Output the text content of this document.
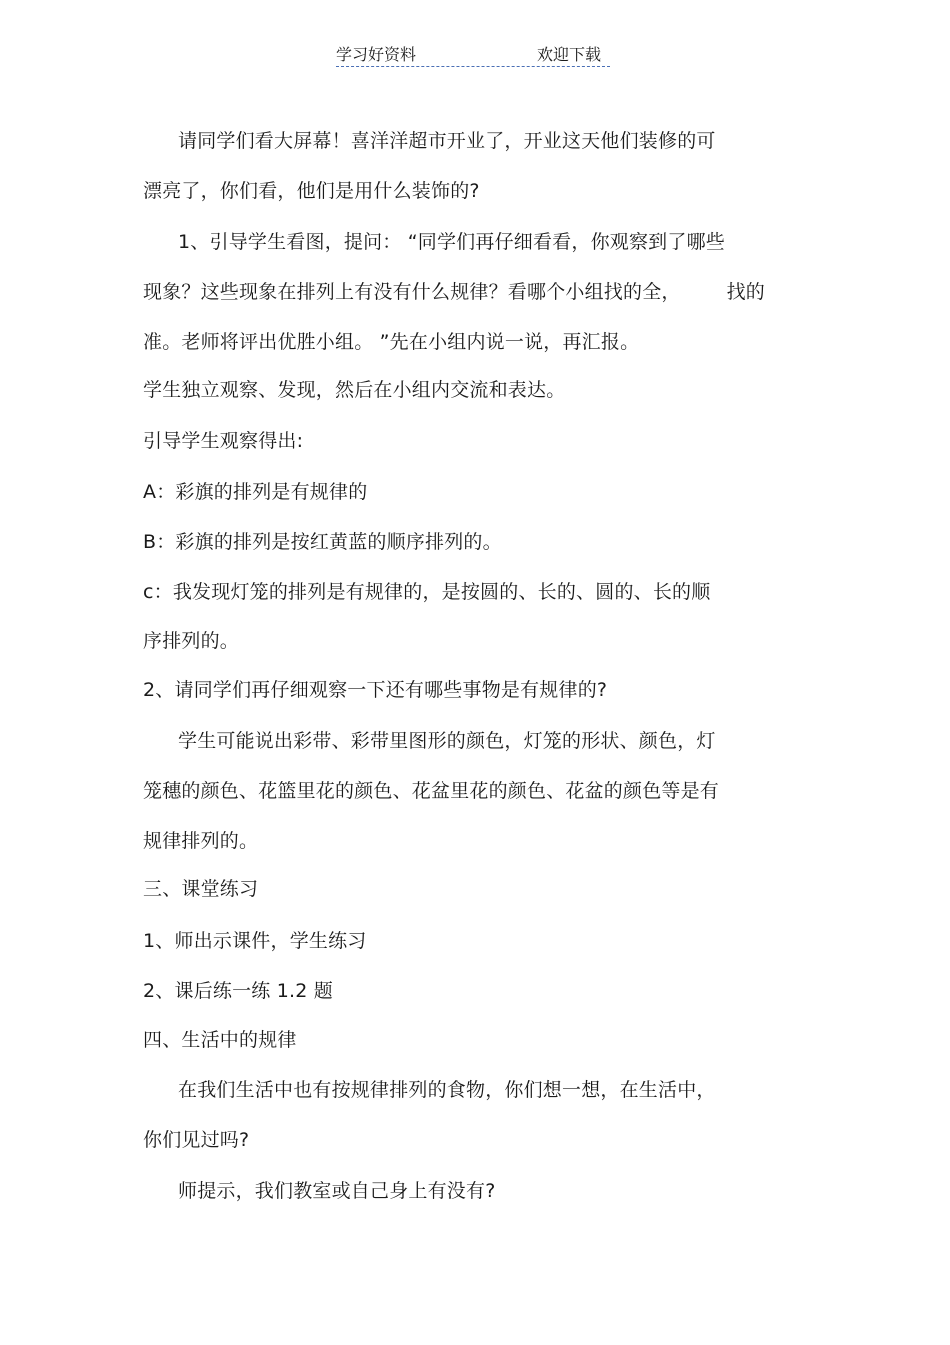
学习好资料	欢迎下载
请同学们看大屏幕！喜洋洋超市开业了，开业这天他们装修的可
漂亮了，你们看，他们是用什么装饰的?
1、引导学生看图，提问： “同学们再仔细看看，你观察到了哪些
现象？这些现象在排列上有没有什么规律？看哪个小组找的全， 找的
准。老师将评出优胜小组。 ”先在小组内说一说，再汇报。
学生独立观察、发现，然后在小组内交流和表达。
引导学生观察得出:
A：彩旗的排列是有规律的
B：彩旗的排列是按红黄蓝的顺序排列的。
c：我发现灯笼的排列是有规律的，是按圆的、长的、圆的、长的顺
序排列的。
2、请同学们再仔细观察一下还有哪些事物是有规律的?
学生可能说出彩带、彩带里图形的颜色，灯笼的形状、颜色，灯
笼穗的颜色、花篮里花的颜色、花盆里花的颜色、花盆的颜色等是有
规律排列的。
三、课堂练习
1、师出示课件，学生练习
2、课后练一练 1.2 题
四、生活中的规律
在我们生活中也有按规律排列的食物，你们想一想，在生活中，
你们见过吗?
师提示，我们教室或自己身上有没有?
